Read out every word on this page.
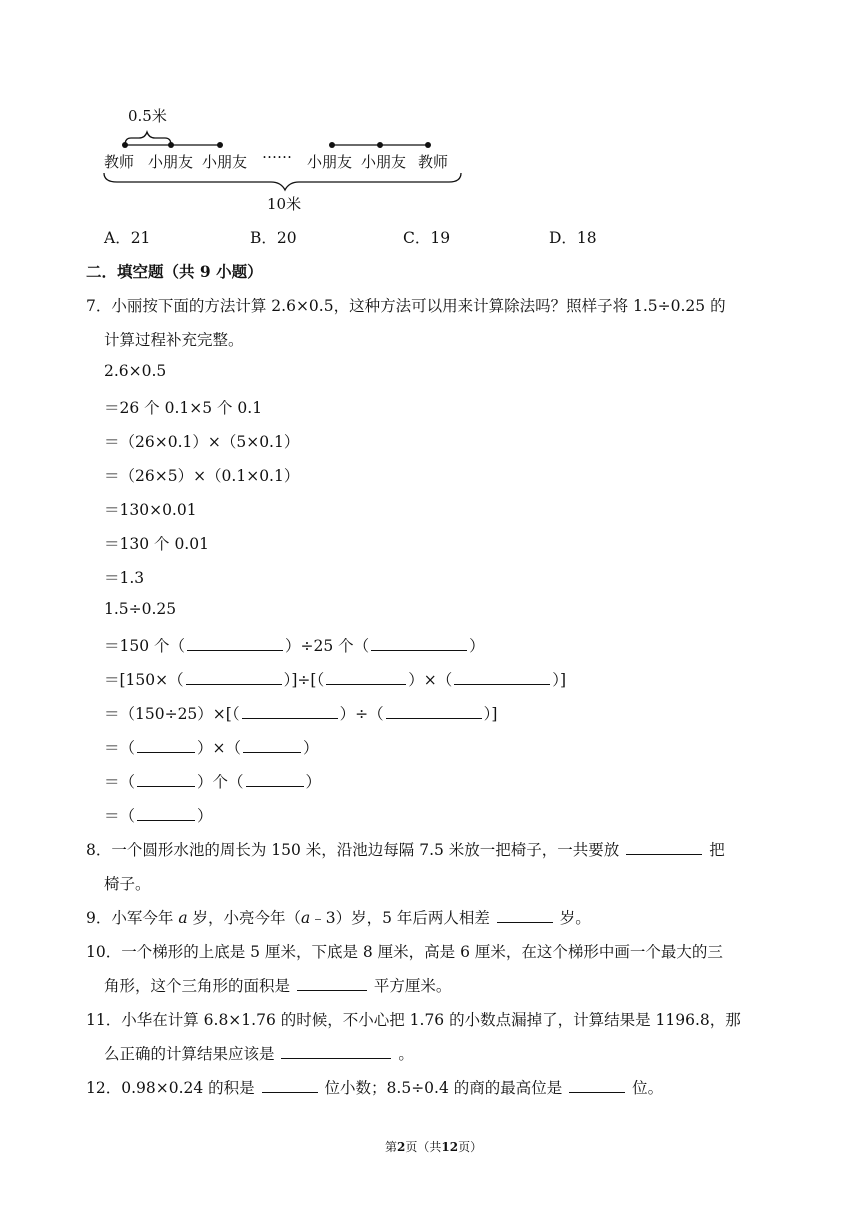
0.5米
教师 小朋友 小朋友 …… 小朋友 小朋友 教师
10米
A．21	B．20	C．19	D．18
二．填空题（共 9 小题）
7．小丽按下面的方法计算 2.6×0.5，这种方法可以用来计算除法吗？照样子将 1.5÷0.25 的
计算过程补充完整。
2.6×0.5
＝26 个 0.1×5 个 0.1
＝（26×0.1）×（5×0.1）
＝（26×5）×（0.1×0.1）
＝130×0.01
＝130 个 0.01
＝1.3
1.5÷0.25
＝150 个（	）÷25 个（	）
＝[150×（	）]÷[（	）×（	）]
＝（150÷25）×[（	）÷（	）]
＝（	）×（	）
＝（	）个（	）
＝（	）
8．一个圆形水池的周长为 150 米，沿池边每隔 7.5 米放一把椅子，一共要放	把
椅子。
9．小军今年 a 岁，小亮今年（a﹣3）岁，5 年后两人相差	岁。
10．一个梯形的上底是 5 厘米，下底是 8 厘米，高是 6 厘米，在这个梯形中画一个最大的三
角形，这个三角形的面积是	平方厘米。
11．小华在计算 6.8×1.76 的时候，不小心把 1.76 的小数点漏掉了，计算结果是 1196.8，那
么正确的计算结果应该是	。
12．0.98×0.24 的积是	位小数；8.5÷0.4 的商的最高位是	位。
第2页（共12页）
